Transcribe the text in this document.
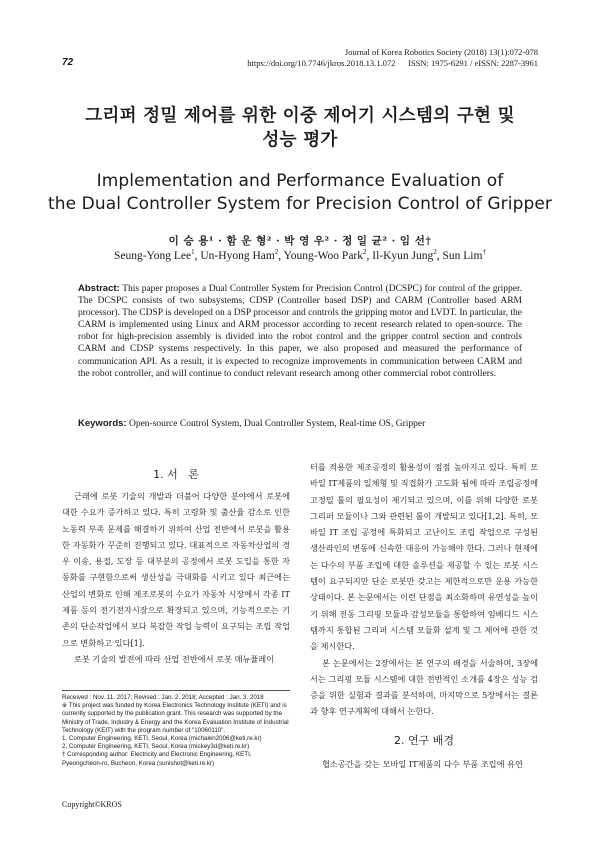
72
Journal of Korea Robotics Society (2018) 13(1):072-078
https://doi.org/10.7746/jkros.2018.13.1.072      ISSN: 1975-6291 / eISSN: 2287-3961
그리퍼 정밀 제어를 위한 이중 제어기 시스템의 구현 및
성능 평가
Implementation and Performance Evaluation of
the Dual Controller System for Precision Control of Gripper
이 승 용¹ · 함 운 형² · 박 영 우² · 정 일 균² · 임 선†
Seung-Yong Lee$^1$, Un-Hyong Ham$^2$, Young-Woo Park$^2$, Il-Kyun Jung$^2$, Sun Lim†
Abstract: This paper proposes a Dual Controller System for Precision Control (DCSPC) for control of the gripper. The DCSPC consists of two subsystems, CDSP (Controller based DSP) and CARM (Controller based ARM processor). The CDSP is developed on a DSP processor and controls the gripping motor and LVDT. In particular, the CARM is implemented using Linux and ARM processor according to recent research related to open-source. The robot for high-precision assembly is divided into the robot control and the gripper control section and controls CARM and CDSP systems respectively. In this paper, we also proposed and measured the performance of communication API. As a result, it is expected to recognize improvements in communication between CARM and the robot controller, and will continue to conduct relevant research among other commercial robot controllers.
Keywords: Open-source Control System, Dual Controller System, Real-time OS, Gripper
1. 서   론

근래에 로봇 기술의 개발과 더불어 다양한 분야에서 로봇에 대한 수요가 증가하고 있다. 특히 고령화 및 출산율 감소로 인한 노동력 부족 문제를 해결하기 위하여 산업 전반에서 로봇을 활용한 자동화가 꾸준히 진행되고 있다. 대표적으로 자동차산업의 경우 이송, 용접, 도장 등 대부분의 공정에서 로봇 도입을 통한 자동화를 구현함으로써 생산성을 극대화를 시키고 있다 최근에는 산업의 변화로 인해 제조로봇의 수요가 자동차 시장에서 각종 IT제품 등의 전기전자시장으로 확장되고 있으며, 기능적으로는 기존의 단순작업에서 보다 복잡한 작업 능력이 요구되는 조립 작업으로 변화하고 있다[1].

로봇 기술의 발전에 따라 산업 전반에서 로봇 매뉴퓰레이

터를 적용한 제조공정의 활용성이 점점 높아지고 있다. 특히 모바일 IT제품의 일체형 및 직접화가 고도화 됨에 따라 조립공정에 고정밀 툴의 필요성이 제기되고 있으며, 이를 위해 다양한 로봇 그리퍼 모듈이나 그와 관련된 툴이 개발되고 있다[1,2]. 특히, 모바일 IT 조립 공정에 특화되고 고난이도 조립 작업으로 구성된 생산라인의 변동에 신속한 대응이 가능해야 한다. 그러나 현재에는 다수의 부품 조립에 대한 솔루션을 제공할 수 있는 로봇 시스템이 요구되지만 단순 로봇만 갖고는 제한적으로만 운용 가능한 상태이다. 본 논문에서는 이런 단점을 최소화하며 유연성을 높이기 위해 전동 그리핑 모듈과 감성모듈을 통합하여 임베디드 시스템까지 통합된 그리퍼 시스템 모듈화 설계 및 그 제어에 관한 것을 제시한다.

본 논문에서는 2장에서는 본 연구의 배경을 서술하며, 3장에서는 그리핑 모듈 시스템에 대한 전반적인 소개를 4장은 성능 검증을 위한 실험과 결과를 분석하며, 마지막으로 5장에서는 결론과 향후 연구계획에 대해서 논한다.

2. 연구 배경

협소공간을 갖는 모바일 IT제품의 다수 부품 조립에 유연

Received : Nov. 11. 2017; Revised : Jan. 2. 2018; Accepted : Jan. 3. 2018
※ This project was funded by Korea Electronics Technology Institute (KETI) and is currently supported by the publication grant. This research was supported by the Ministry of Trade, Industry & Energy and the Korea Evaluation Institute of Industrial Technology (KEIT) with the program number of "10060110".
1. Computer Engineering, KETI, Seoul, Korea (michalen2006@keti.re.kr)
2. Computer Engineering, KETI, Seoul, Korea (mickey3d@keti.re.kr)
† Corresponding author: Electricity and Electronic Engineering, KETI, Pyeongcheon-ro, Bucheon, Korea (sunishot@keti.re.kr)
Copyright©KROS
